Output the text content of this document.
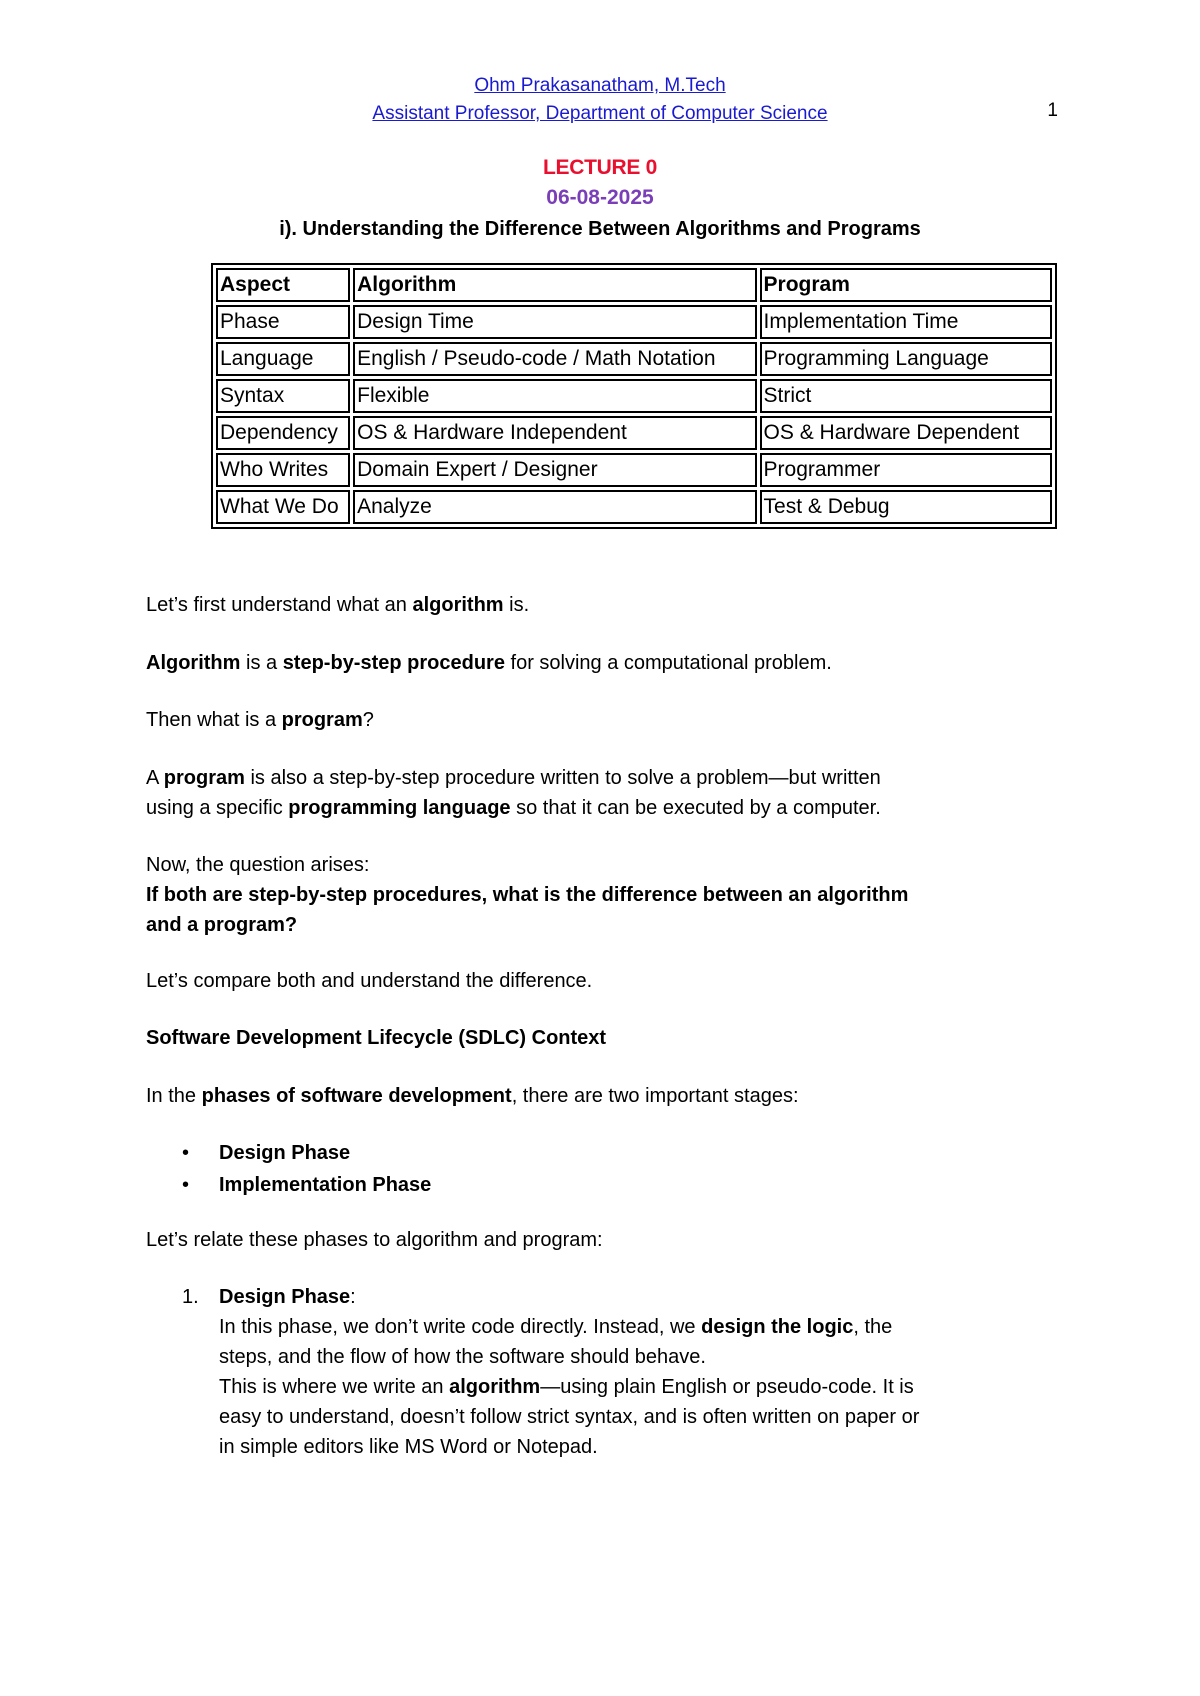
Ohm Prakasanatham, M.Tech
Assistant Professor, Department of Computer Science	1
LECTURE 0
06-08-2025
i). Understanding the Difference Between Algorithms and Programs
Aspect	Algorithm	Program
Phase	Design Time	Implementation Time
Language	English / Pseudo-code / Math Notation	Programming Language
Syntax	Flexible	Strict
Dependency	OS & Hardware Independent	OS & Hardware Dependent
Who Writes	Domain Expert / Designer	Programmer
What We Do	Analyze	Test & Debug

Let’s first understand what an algorithm is.

Algorithm is a step-by-step procedure for solving a computational problem.

Then what is a program?

A program is also a step-by-step procedure written to solve a problem—but written

using a specific programming language so that it can be executed by a computer.

Now, the question arises:

If both are step-by-step procedures, what is the difference between an algorithm

and a program?

Let’s compare both and understand the difference.

Software Development Lifecycle (SDLC) Context

In the phases of software development, there are two important stages:

• Design Phase
• Implementation Phase

Let’s relate these phases to algorithm and program:

1. Design Phase:

In this phase, we don’t write code directly. Instead, we design the logic, the

steps, and the flow of how the software should behave.

This is where we write an algorithm—using plain English or pseudo-code. It is

easy to understand, doesn’t follow strict syntax, and is often written on paper or

in simple editors like MS Word or Notepad.
